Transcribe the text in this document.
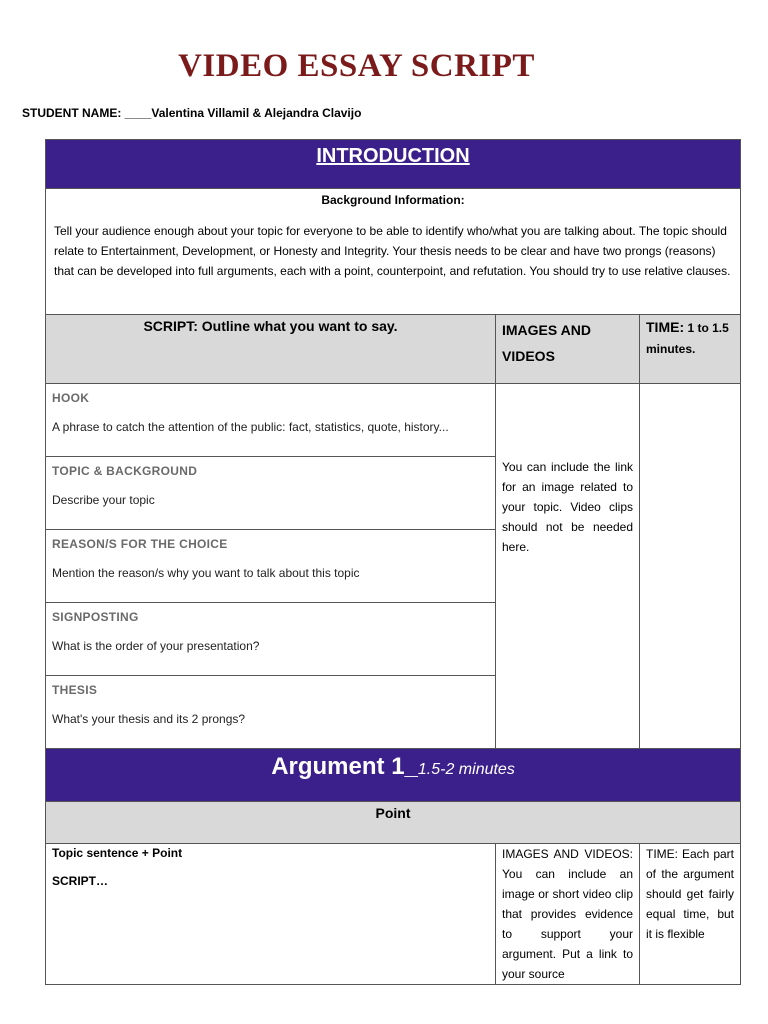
VIDEO ESSAY SCRIPT
STUDENT NAME: ____Valentina Villamil & Alejandra Clavijo
INTRODUCTION		

Background Information:
Tell your audience enough about your topic for everyone to be able to identify who/what you are talking about. The topic should relate to Entertainment, Development, or Honesty and Integrity. Your thesis needs to be clear and have two prongs (reasons) that can be developed into full arguments, each with a point, counterpoint, and refutation. You should try to use relative clauses.		

SCRIPT: Outline what you want to say.	IMAGES AND VIDEOS	TIME: 1 to 1.5 minutes.

HOOK
A phrase to catch the attention of the public: fact, statistics, quote, history...	You can include the link for an image related to your topic. Video clips should not be needed here.	

TOPIC & BACKGROUND
Describe your topic		

REASON/S FOR THE CHOICE
Mention the reason/s why you want to talk about this topic		

SIGNPOSTING
What is the order of your presentation?		

THESIS
What's your thesis and its 2 prongs?		

Argument 1_1.5-2 minutes		

Point		

Topic sentence + Point
SCRIPT…	IMAGES AND VIDEOS: You can include an image or short video clip that provides evidence to support your argument. Put a link to your source	TIME: Each part of the argument should get fairly equal time, but it is flexible
